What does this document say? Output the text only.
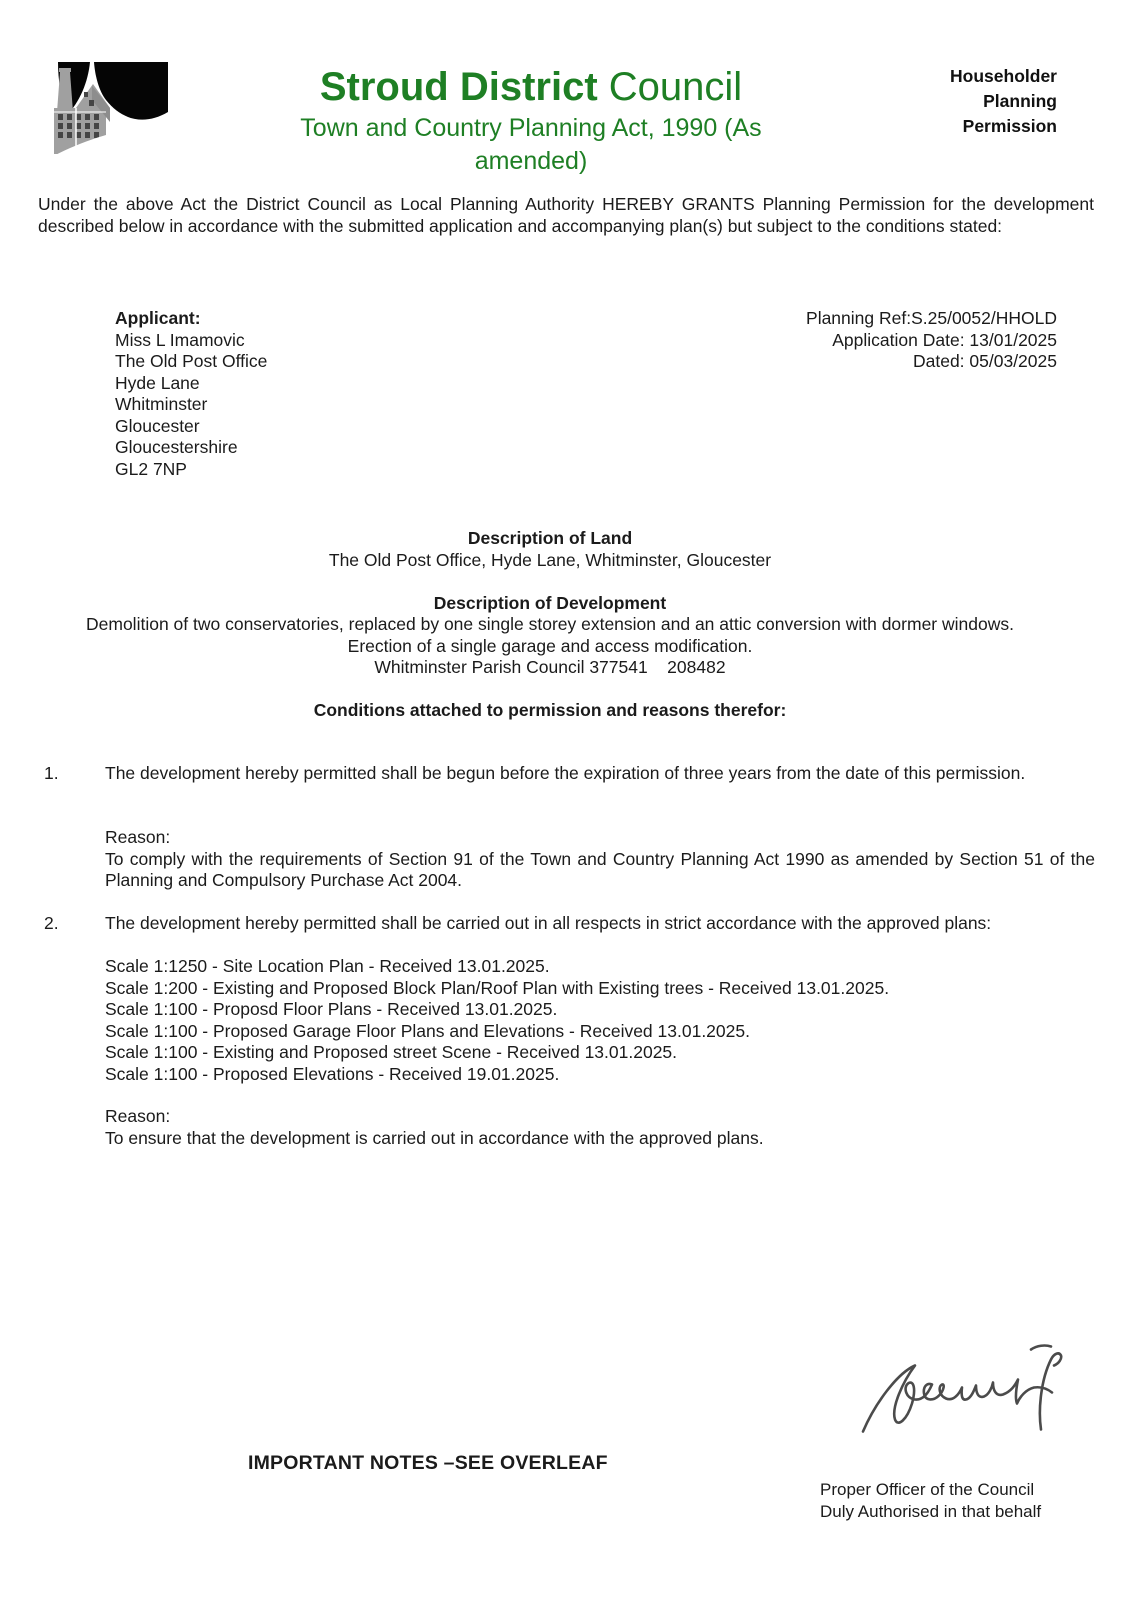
Stroud District Council
Town and Country Planning Act, 1990 (As
amended)
Householder
Planning
Permission
Under the above Act the District Council as Local Planning Authority HEREBY GRANTS Planning Permission for the development described below in accordance with the submitted application and accompanying plan(s) but subject to the conditions stated:
Applicant:
Miss L Imamovic
The Old Post Office
Hyde Lane
Whitminster
Gloucester
Gloucestershire
GL2 7NP
Planning Ref:S.25/0052/HHOLD
Application Date: 13/01/2025
Dated: 05/03/2025
Description of Land
The Old Post Office, Hyde Lane, Whitminster, Gloucester
Description of Development
Demolition of two conservatories, replaced by one single storey extension and an attic conversion with dormer windows.
Erection of a single garage and access modification.
Whitminster Parish Council 377541    208482
Conditions attached to permission and reasons therefor:
1.	The development hereby permitted shall be begun before the expiration of three years from the date of this permission.
Reason:
To comply with the requirements of Section 91 of the Town and Country Planning Act 1990 as amended by Section 51 of the Planning and Compulsory Purchase Act 2004.
2.	The development hereby permitted shall be carried out in all respects in strict accordance with the approved plans:
Scale 1:1250 - Site Location Plan - Received 13.01.2025.
Scale 1:200 - Existing and Proposed Block Plan/Roof Plan with Existing trees - Received 13.01.2025.
Scale 1:100 - Proposd Floor Plans - Received 13.01.2025.
Scale 1:100 - Proposed Garage Floor Plans and Elevations - Received 13.01.2025.
Scale 1:100 - Existing and Proposed street Scene - Received 13.01.2025.
Scale 1:100 - Proposed Elevations - Received 19.01.2025.
Reason:
To ensure that the development is carried out in accordance with the approved plans.
IMPORTANT NOTES –SEE OVERLEAF
Proper Officer of the Council
Duly Authorised in that behalf
